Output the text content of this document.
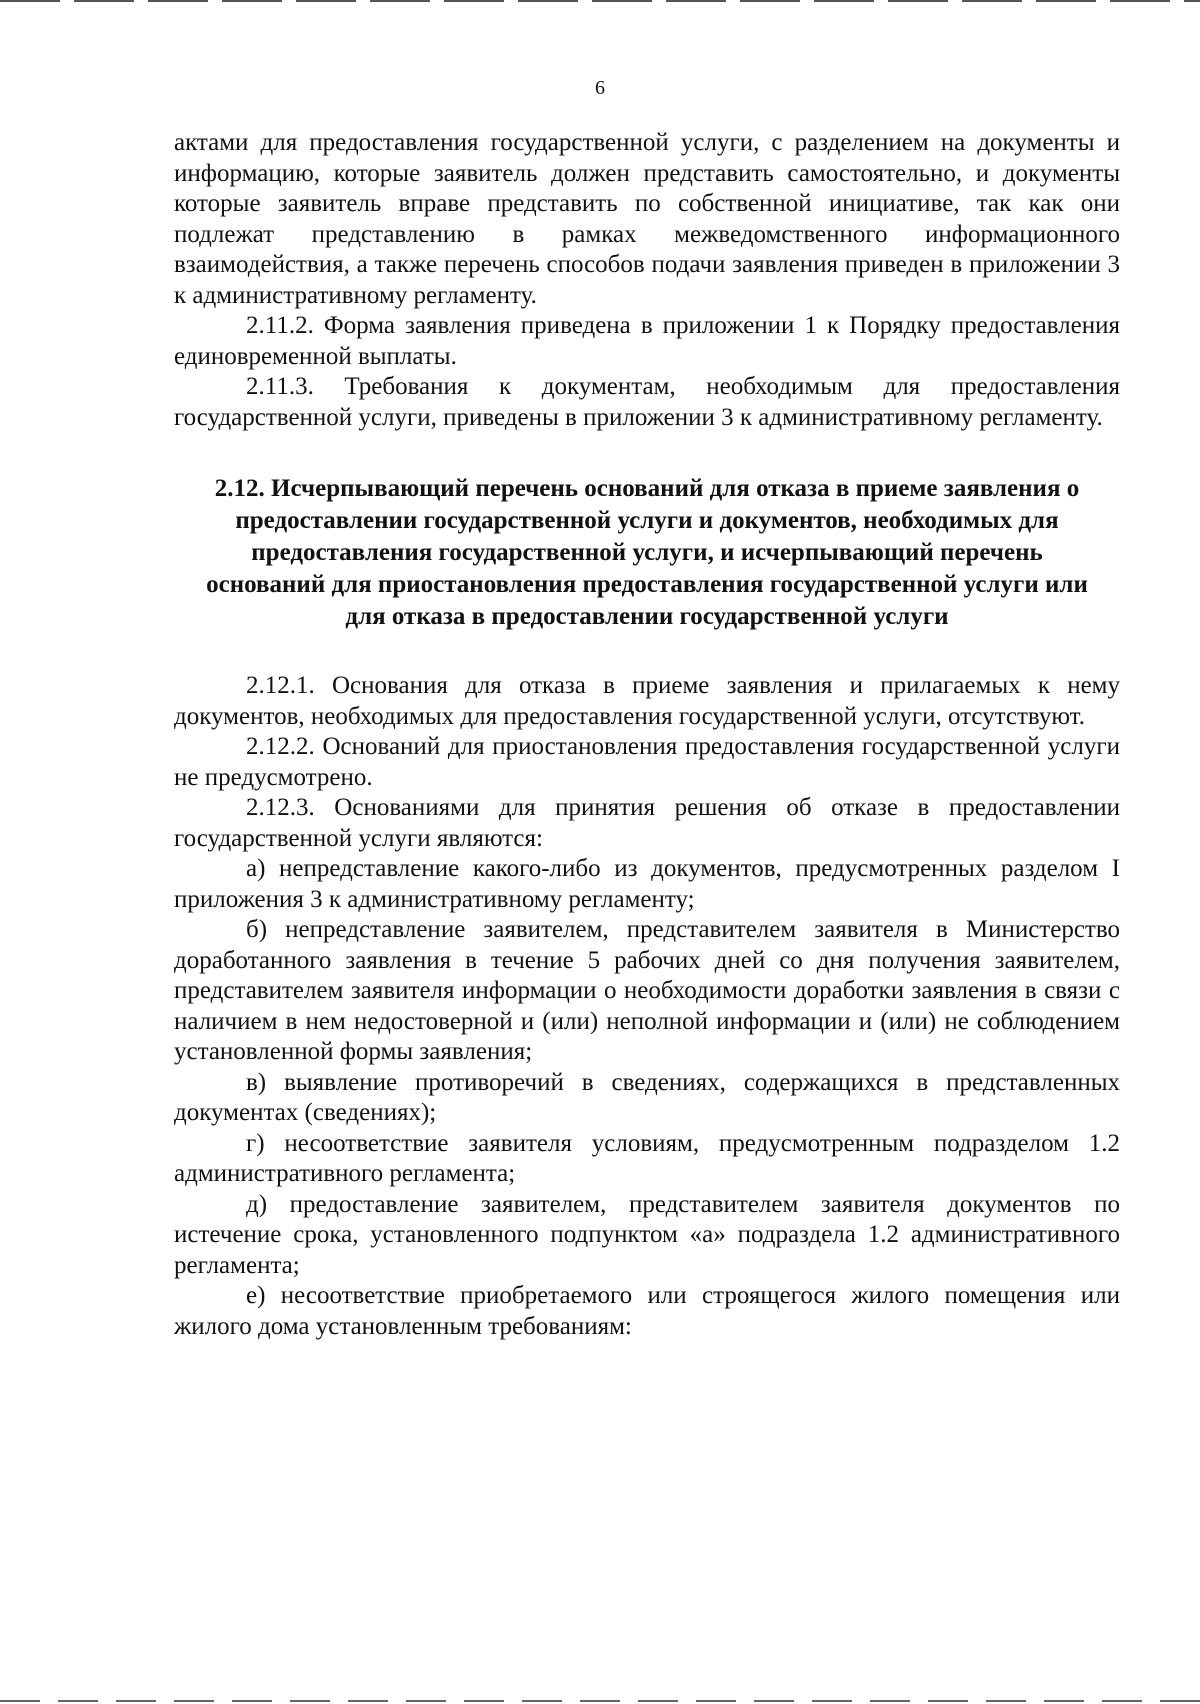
6

актами для предоставления государственной услуги, с разделением на документы и информацию, которые заявитель должен представить самостоятельно, и документы которые заявитель вправе представить по собственной инициативе, так как они подлежат представлению в рамках межведомственного информационного взаимодействия, а также перечень способов подачи заявления приведен в приложении 3 к административному регламенту.

2.11.2. Форма заявления приведена в приложении 1 к Порядку предоставления единовременной выплаты.

2.11.3. Требования к документам, необходимым для предоставления государственной услуги, приведены в приложении 3 к административному регламенту.

2.12. Исчерпывающий перечень оснований для отказа в приеме заявления о предоставлении государственной услуги и документов, необходимых для предоставления государственной услуги, и исчерпывающий перечень оснований для приостановления предоставления государственной услуги или для отказа в предоставлении государственной услуги

2.12.1. Основания для отказа в приеме заявления и прилагаемых к нему документов, необходимых для предоставления государственной услуги, отсутствуют.

2.12.2. Оснований для приостановления предоставления государственной услуги не предусмотрено.

2.12.3. Основаниями для принятия решения об отказе в предоставлении государственной услуги являются:

а) непредставление какого-либо из документов, предусмотренных разделом I приложения 3 к административному регламенту;

б) непредставление заявителем, представителем заявителя в Министерство доработанного заявления в течение 5 рабочих дней со дня получения заявителем, представителем заявителя информации о необходимости доработки заявления в связи с наличием в нем недостоверной и (или) неполной информации и (или) не соблюдением установленной формы заявления;

в) выявление противоречий в сведениях, содержащихся в представленных документах (сведениях);

г) несоответствие заявителя условиям, предусмотренным подразделом 1.2 административного регламента;

д) предоставление заявителем, представителем заявителя документов по истечение срока, установленного подпунктом «а» подраздела 1.2 административного регламента;

е) несоответствие приобретаемого или строящегося жилого помещения или жилого дома установленным требованиям:
